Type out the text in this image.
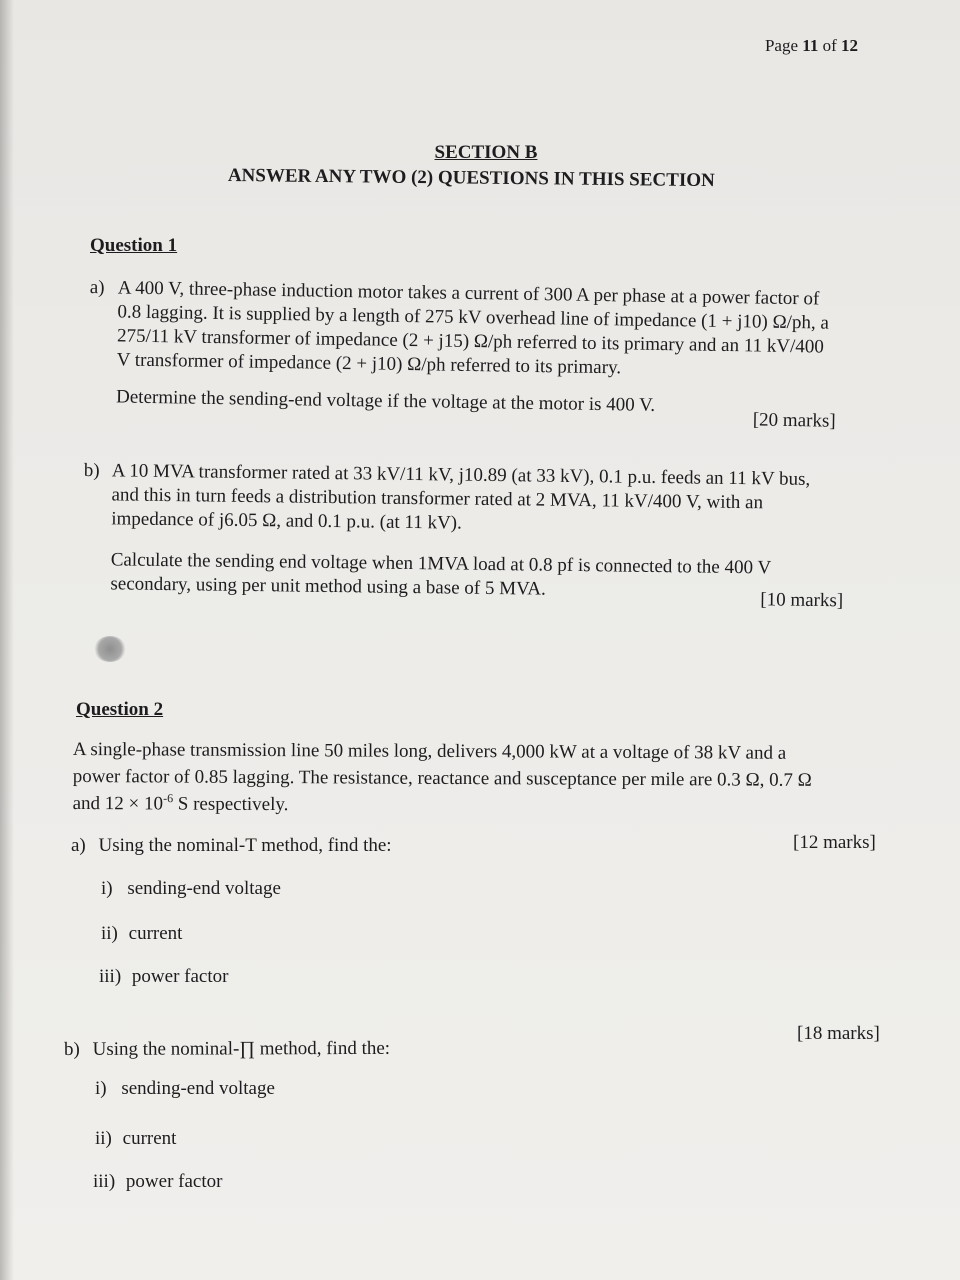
Page 11 of 12
SECTION B
ANSWER ANY TWO (2) QUESTIONS IN THIS SECTION
Question 1
a) A 400 V, three-phase induction motor takes a current of 300 A per phase at a power factor of
0.8 lagging. It is supplied by a length of 275 kV overhead line of impedance (1 + j10) Ω/ph, a
275/11 kV transformer of impedance (2 + j15) Ω/ph referred to its primary and an 11 kV/400
V transformer of impedance (2 + j10) Ω/ph referred to its primary.
Determine the sending-end voltage if the voltage at the motor is 400 V.
[20 marks]
b) A 10 MVA transformer rated at 33 kV/11 kV, j10.89 (at 33 kV), 0.1 p.u. feeds an 11 kV bus,
and this in turn feeds a distribution transformer rated at 2 MVA, 11 kV/400 V, with an
impedance of j6.05 Ω, and 0.1 p.u. (at 11 kV).
Calculate the sending end voltage when 1MVA load at 0.8 pf is connected to the 400 V
secondary, using per unit method using a base of 5 MVA.
[10 marks]
Question 2
A single-phase transmission line 50 miles long, delivers 4,000 kW at a voltage of 38 kV and a
power factor of 0.85 lagging. The resistance, reactance and susceptance per mile are 0.3 Ω, 0.7 Ω
and $12 \times 10^{-6}$ S respectively.
a) Using the nominal-T method, find the:	[12 marks]
i) sending-end voltage
ii) current
iii) power factor
b) Using the nominal-∏ method, find the:
[18 marks]
i) sending-end voltage
ii) current
iii) power factor
